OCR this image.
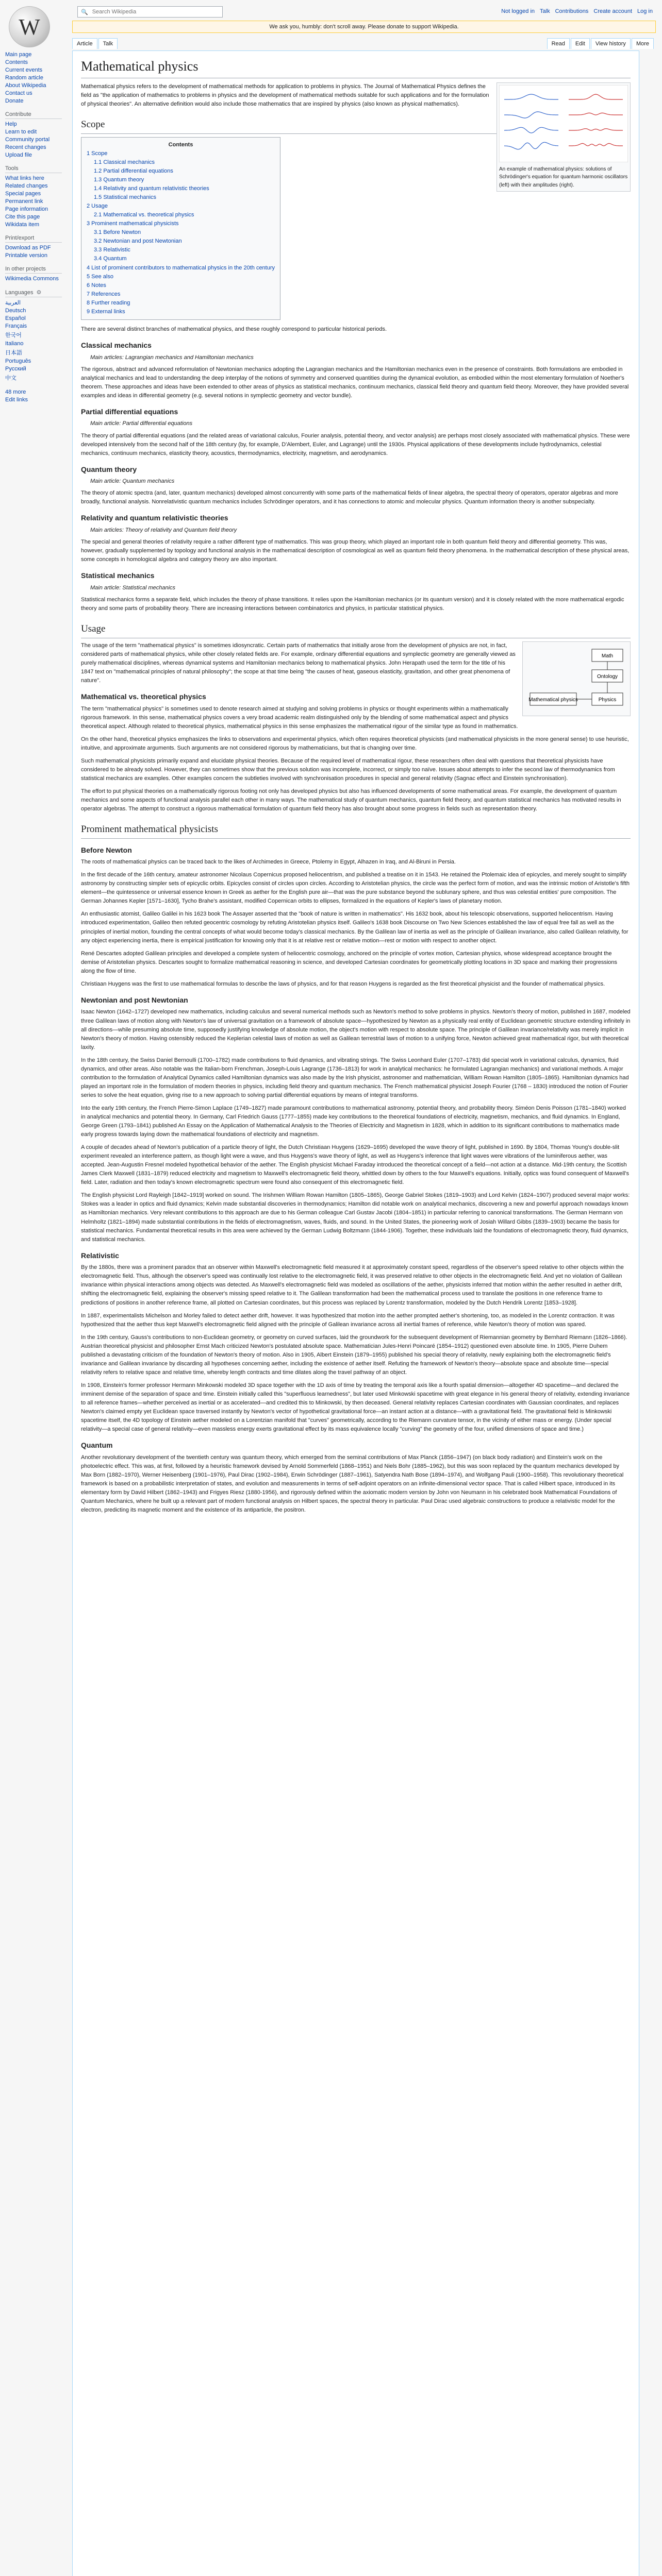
W
Main page
Contents
Current events
Random article
About Wikipedia
Contact us
Donate
Contribute
Help
Learn to edit
Community portal
Recent changes
Upload file
Tools
What links here
Related changes
Special pages
Permanent link
Page information
Cite this page
Wikidata item
Print/export
Download as PDF
Printable version
In other projects
Wikimedia Commons
Languages ⚙
العربية
Deutsch
Español
Français
한국어
Italiano
日本語
Português
Русский
中文
48 more
Edit links
🔍
Search Wikipedia	Not logged in Talk Contributions Create account Log in
We ask you, humbly: don't scroll away. Please donate to support Wikipedia.
Article Talk	Read Edit View history More
Mathematical physics
An example of mathematical physics: solutions of Schrödinger's equation for quantum harmonic oscillators (left) with their amplitudes (right).

Mathematical physics refers to the development of mathematical methods for application to problems in physics. The Journal of Mathematical Physics defines the field as "the application of mathematics to problems in physics and the development of mathematical methods suitable for such applications and for the formulation of physical theories". An alternative definition would also include those mathematics that are inspired by physics (also known as physical mathematics).

Scope
Contents
1 Scope
1.1 Classical mechanics
1.2 Partial differential equations
1.3 Quantum theory
1.4 Relativity and quantum relativistic theories
1.5 Statistical mechanics
2 Usage
2.1 Mathematical vs. theoretical physics
3 Prominent mathematical physicists
3.1 Before Newton
3.2 Newtonian and post Newtonian
3.3 Relativistic
3.4 Quantum
4 List of prominent contributors to mathematical physics in the 20th century
5 See also
6 Notes
7 References
8 Further reading
9 External links

There are several distinct branches of mathematical physics, and these roughly correspond to particular historical periods.

Classical mechanics
Main articles: Lagrangian mechanics and Hamiltonian mechanics

The rigorous, abstract and advanced reformulation of Newtonian mechanics adopting the Lagrangian mechanics and the Hamiltonian mechanics even in the presence of constraints. Both formulations are embodied in analytical mechanics and lead to understanding the deep interplay of the notions of symmetry and conserved quantities during the dynamical evolution, as embodied within the most elementary formulation of Noether's theorem. These approaches and ideas have been extended to other areas of physics as statistical mechanics, continuum mechanics, classical field theory and quantum field theory. Moreover, they have provided several examples and ideas in differential geometry (e.g. several notions in symplectic geometry and vector bundle).

Partial differential equations
Main article: Partial differential equations

The theory of partial differential equations (and the related areas of variational calculus, Fourier analysis, potential theory, and vector analysis) are perhaps most closely associated with mathematical physics. These were developed intensively from the second half of the 18th century (by, for example, D'Alembert, Euler, and Lagrange) until the 1930s. Physical applications of these developments include hydrodynamics, celestial mechanics, continuum mechanics, elasticity theory, acoustics, thermodynamics, electricity, magnetism, and aerodynamics.

Quantum theory
Main article: Quantum mechanics

The theory of atomic spectra (and, later, quantum mechanics) developed almost concurrently with some parts of the mathematical fields of linear algebra, the spectral theory of operators, operator algebras and more broadly, functional analysis. Nonrelativistic quantum mechanics includes Schrödinger operators, and it has connections to atomic and molecular physics. Quantum information theory is another subspecialty.

Relativity and quantum relativistic theories
Main articles: Theory of relativity and Quantum field theory

The special and general theories of relativity require a rather different type of mathematics. This was group theory, which played an important role in both quantum field theory and differential geometry. This was, however, gradually supplemented by topology and functional analysis in the mathematical description of cosmological as well as quantum field theory phenomena. In the mathematical description of these physical areas, some concepts in homological algebra and category theory are also important.

Statistical mechanics
Main article: Statistical mechanics

Statistical mechanics forms a separate field, which includes the theory of phase transitions. It relies upon the Hamiltonian mechanics (or its quantum version) and it is closely related with the more mathematical ergodic theory and some parts of probability theory. There are increasing interactions between combinatorics and physics, in particular statistical physics.

Usage
Math
Ontology
Physics
Mathematical physics

The usage of the term "mathematical physics" is sometimes idiosyncratic. Certain parts of mathematics that initially arose from the development of physics are not, in fact, considered parts of mathematical physics, while other closely related fields are. For example, ordinary differential equations and symplectic geometry are generally viewed as purely mathematical disciplines, whereas dynamical systems and Hamiltonian mechanics belong to mathematical physics. John Herapath used the term for the title of his 1847 text on "mathematical principles of natural philosophy"; the scope at that time being "the causes of heat, gaseous elasticity, gravitation, and other great phenomena of nature".

Mathematical vs. theoretical physics

The term "mathematical physics" is sometimes used to denote research aimed at studying and solving problems in physics or thought experiments within a mathematically rigorous framework. In this sense, mathematical physics covers a very broad academic realm distinguished only by the blending of some mathematical aspect and physics theoretical aspect. Although related to theoretical physics, mathematical physics in this sense emphasizes the mathematical rigour of the similar type as found in mathematics.

On the other hand, theoretical physics emphasizes the links to observations and experimental physics, which often requires theoretical physicists (and mathematical physicists in the more general sense) to use heuristic, intuitive, and approximate arguments. Such arguments are not considered rigorous by mathematicians, but that is changing over time.

Such mathematical physicists primarily expand and elucidate physical theories. Because of the required level of mathematical rigour, these researchers often deal with questions that theoretical physicists have considered to be already solved. However, they can sometimes show that the previous solution was incomplete, incorrect, or simply too naïve. Issues about attempts to infer the second law of thermodynamics from statistical mechanics are examples. Other examples concern the subtleties involved with synchronisation procedures in special and general relativity (Sagnac effect and Einstein synchronisation).

The effort to put physical theories on a mathematically rigorous footing not only has developed physics but also has influenced developments of some mathematical areas. For example, the development of quantum mechanics and some aspects of functional analysis parallel each other in many ways. The mathematical study of quantum mechanics, quantum field theory, and quantum statistical mechanics has motivated results in operator algebras. The attempt to construct a rigorous mathematical formulation of quantum field theory has also brought about some progress in fields such as representation theory.

Prominent mathematical physicists
Before Newton

The roots of mathematical physics can be traced back to the likes of Archimedes in Greece, Ptolemy in Egypt, Alhazen in Iraq, and Al-Biruni in Persia.

In the first decade of the 16th century, amateur astronomer Nicolaus Copernicus proposed heliocentrism, and published a treatise on it in 1543. He retained the Ptolemaic idea of epicycles, and merely sought to simplify astronomy by constructing simpler sets of epicyclic orbits. Epicycles consist of circles upon circles. According to Aristotelian physics, the circle was the perfect form of motion, and was the intrinsic motion of Aristotle's fifth element—the quintessence or universal essence known in Greek as aether for the English pure air—that was the pure substance beyond the sublunary sphere, and thus was celestial entities' pure composition. The German Johannes Kepler [1571–1630], Tycho Brahe's assistant, modified Copernican orbits to ellipses, formalized in the equations of Kepler's laws of planetary motion.

An enthusiastic atomist, Galileo Galilei in his 1623 book The Assayer asserted that the "book of nature is written in mathematics". His 1632 book, about his telescopic observations, supported heliocentrism. Having introduced experimentation, Galileo then refuted geocentric cosmology by refuting Aristotelian physics itself. Galileo's 1638 book Discourse on Two New Sciences established the law of equal free fall as well as the principles of inertial motion, founding the central concepts of what would become today's classical mechanics. By the Galilean law of inertia as well as the principle of Galilean invariance, also called Galilean relativity, for any object experiencing inertia, there is empirical justification for knowing only that it is at relative rest or relative motion—rest or motion with respect to another object.

René Descartes adopted Galilean principles and developed a complete system of heliocentric cosmology, anchored on the principle of vortex motion, Cartesian physics, whose widespread acceptance brought the demise of Aristotelian physics. Descartes sought to formalize mathematical reasoning in science, and developed Cartesian coordinates for geometrically plotting locations in 3D space and marking their progressions along the flow of time.

Christiaan Huygens was the first to use mathematical formulas to describe the laws of physics, and for that reason Huygens is regarded as the first theoretical physicist and the founder of mathematical physics.

Newtonian and post Newtonian

Isaac Newton (1642–1727) developed new mathematics, including calculus and several numerical methods such as Newton's method to solve problems in physics. Newton's theory of motion, published in 1687, modeled three Galilean laws of motion along with Newton's law of universal gravitation on a framework of absolute space—hypothesized by Newton as a physically real entity of Euclidean geometric structure extending infinitely in all directions—while presuming absolute time, supposedly justifying knowledge of absolute motion, the object's motion with respect to absolute space. The principle of Galilean invariance/relativity was merely implicit in Newton's theory of motion. Having ostensibly reduced the Keplerian celestial laws of motion as well as Galilean terrestrial laws of motion to a unifying force, Newton achieved great mathematical rigor, but with theoretical laxity.

In the 18th century, the Swiss Daniel Bernoulli (1700–1782) made contributions to fluid dynamics, and vibrating strings. The Swiss Leonhard Euler (1707–1783) did special work in variational calculus, dynamics, fluid dynamics, and other areas. Also notable was the Italian-born Frenchman, Joseph-Louis Lagrange (1736–1813) for work in analytical mechanics: he formulated Lagrangian mechanics) and variational methods. A major contribution to the formulation of Analytical Dynamics called Hamiltonian dynamics was also made by the Irish physicist, astronomer and mathematician, William Rowan Hamilton (1805–1865). Hamiltonian dynamics had played an important role in the formulation of modern theories in physics, including field theory and quantum mechanics. The French mathematical physicist Joseph Fourier (1768 – 1830) introduced the notion of Fourier series to solve the heat equation, giving rise to a new approach to solving partial differential equations by means of integral transforms.

Into the early 19th century, the French Pierre-Simon Laplace (1749–1827) made paramount contributions to mathematical astronomy, potential theory, and probability theory. Siméon Denis Poisson (1781–1840) worked in analytical mechanics and potential theory. In Germany, Carl Friedrich Gauss (1777–1855) made key contributions to the theoretical foundations of electricity, magnetism, mechanics, and fluid dynamics. In England, George Green (1793–1841) published An Essay on the Application of Mathematical Analysis to the Theories of Electricity and Magnetism in 1828, which in addition to its significant contributions to mathematics made early progress towards laying down the mathematical foundations of electricity and magnetism.

A couple of decades ahead of Newton's publication of a particle theory of light, the Dutch Christiaan Huygens (1629–1695) developed the wave theory of light, published in 1690. By 1804, Thomas Young's double-slit experiment revealed an interference pattern, as though light were a wave, and thus Huygens's wave theory of light, as well as Huygens's inference that light waves were vibrations of the luminiferous aether, was accepted. Jean-Augustin Fresnel modeled hypothetical behavior of the aether. The English physicist Michael Faraday introduced the theoretical concept of a field—not action at a distance. Mid-19th century, the Scottish James Clerk Maxwell (1831–1879) reduced electricity and magnetism to Maxwell's electromagnetic field theory, whittled down by others to the four Maxwell's equations. Initially, optics was found consequent of Maxwell's field. Later, radiation and then today's known electromagnetic spectrum were found also consequent of this electromagnetic field.

The English physicist Lord Rayleigh [1842–1919] worked on sound. The Irishmen William Rowan Hamilton (1805–1865), George Gabriel Stokes (1819–1903) and Lord Kelvin (1824–1907) produced several major works: Stokes was a leader in optics and fluid dynamics; Kelvin made substantial discoveries in thermodynamics; Hamilton did notable work on analytical mechanics, discovering a new and powerful approach nowadays known as Hamiltonian mechanics. Very relevant contributions to this approach are due to his German colleague Carl Gustav Jacobi (1804–1851) in particular referring to canonical transformations. The German Hermann von Helmholtz (1821–1894) made substantial contributions in the fields of electromagnetism, waves, fluids, and sound. In the United States, the pioneering work of Josiah Willard Gibbs (1839–1903) became the basis for statistical mechanics. Fundamental theoretical results in this area were achieved by the German Ludwig Boltzmann (1844-1906). Together, these individuals laid the foundations of electromagnetic theory, fluid dynamics, and statistical mechanics.

Relativistic

By the 1880s, there was a prominent paradox that an observer within Maxwell's electromagnetic field measured it at approximately constant speed, regardless of the observer's speed relative to other objects within the electromagnetic field. Thus, although the observer's speed was continually lost relative to the electromagnetic field, it was preserved relative to other objects in the electromagnetic field. And yet no violation of Galilean invariance within physical interactions among objects was detected. As Maxwell's electromagnetic field was modeled as oscillations of the aether, physicists inferred that motion within the aether resulted in aether drift, shifting the electromagnetic field, explaining the observer's missing speed relative to it. The Galilean transformation had been the mathematical process used to translate the positions in one reference frame to predictions of positions in another reference frame, all plotted on Cartesian coordinates, but this process was replaced by Lorentz transformation, modeled by the Dutch Hendrik Lorentz [1853–1928].

In 1887, experimentalists Michelson and Morley failed to detect aether drift, however. It was hypothesized that motion into the aether prompted aether's shortening, too, as modeled in the Lorentz contraction. It was hypothesized that the aether thus kept Maxwell's electromagnetic field aligned with the principle of Galilean invariance across all inertial frames of reference, while Newton's theory of motion was spared.

In the 19th century, Gauss's contributions to non-Euclidean geometry, or geometry on curved surfaces, laid the groundwork for the subsequent development of Riemannian geometry by Bernhard Riemann (1826–1866). Austrian theoretical physicist and philosopher Ernst Mach criticized Newton's postulated absolute space. Mathematician Jules-Henri Poincaré (1854–1912) questioned even absolute time. In 1905, Pierre Duhem published a devastating criticism of the foundation of Newton's theory of motion. Also in 1905, Albert Einstein (1879–1955) published his special theory of relativity, newly explaining both the electromagnetic field's invariance and Galilean invariance by discarding all hypotheses concerning aether, including the existence of aether itself. Refuting the framework of Newton's theory—absolute space and absolute time—special relativity refers to relative space and relative time, whereby length contracts and time dilates along the travel pathway of an object.

In 1908, Einstein's former professor Hermann Minkowski modeled 3D space together with the 1D axis of time by treating the temporal axis like a fourth spatial dimension—altogether 4D spacetime—and declared the imminent demise of the separation of space and time. Einstein initially called this "superfluous learnedness", but later used Minkowski spacetime with great elegance in his general theory of relativity, extending invariance to all reference frames—whether perceived as inertial or as accelerated—and credited this to Minkowski, by then deceased. General relativity replaces Cartesian coordinates with Gaussian coordinates, and replaces Newton's claimed empty yet Euclidean space traversed instantly by Newton's vector of hypothetical gravitational force—an instant action at a distance—with a gravitational field. The gravitational field is Minkowski spacetime itself, the 4D topology of Einstein aether modeled on a Lorentzian manifold that "curves" geometrically, according to the Riemann curvature tensor, in the vicinity of either mass or energy. (Under special relativity—a special case of general relativity—even massless energy exerts gravitational effect by its mass equivalence locally "curving" the geometry of the four, unified dimensions of space and time.)

Quantum

Another revolutionary development of the twentieth century was quantum theory, which emerged from the seminal contributions of Max Planck (1856–1947) (on black body radiation) and Einstein's work on the photoelectric effect. This was, at first, followed by a heuristic framework devised by Arnold Sommerfeld (1868–1951) and Niels Bohr (1885–1962), but this was soon replaced by the quantum mechanics developed by Max Born (1882–1970), Werner Heisenberg (1901–1976), Paul Dirac (1902–1984), Erwin Schrödinger (1887–1961), Satyendra Nath Bose (1894–1974), and Wolfgang Pauli (1900–1958). This revolutionary theoretical framework is based on a probabilistic interpretation of states, and evolution and measurements in terms of self-adjoint operators on an infinite-dimensional vector space. That is called Hilbert space, introduced in its elementary form by David Hilbert (1862–1943) and Frigyes Riesz (1880-1956), and rigorously defined within the axiomatic modern version by John von Neumann in his celebrated book Mathematical Foundations of Quantum Mechanics, where he built up a relevant part of modern functional analysis on Hilbert spaces, the spectral theory in particular. Paul Dirac used algebraic constructions to produce a relativistic model for the electron, predicting its magnetic moment and the existence of its antiparticle, the positron.
